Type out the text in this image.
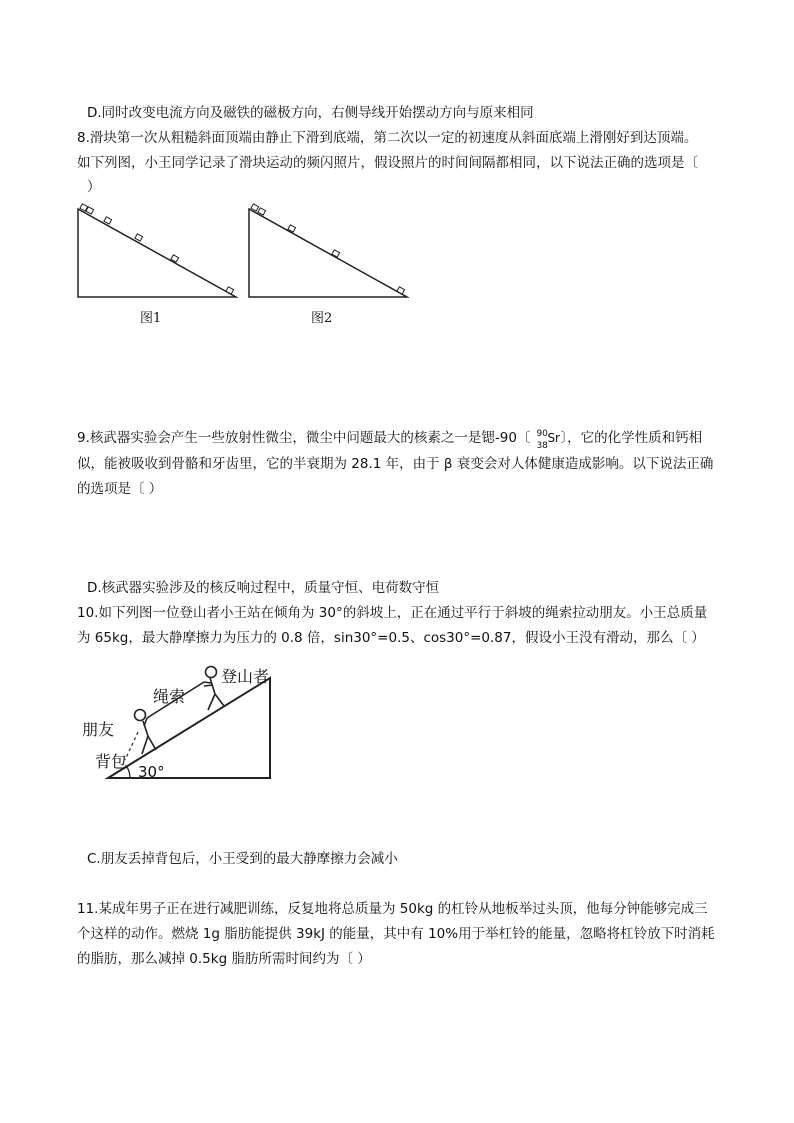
D.同时改变电流方向及磁铁的磁极方向，右侧导线开始摆动方向与原来相同
8.滑块第一次从粗糙斜面顶端由静止下滑到底端，第二次以一定的初速度从斜面底端上滑刚好到达顶端。
如下列图，小王同学记录了滑块运动的频闪照片，假设照片的时间间隔都相同，以下说法正确的选项是〔
）
图1	图2
9.核武器实验会产生一些放射性微尘，微尘中问题最大的核素之一是锶-90〔 90
38
Sr 〕，它的化学性质和钙相
似，能被吸收到骨骼和牙齿里，它的半衰期为 28.1 年，由于 β 衰变会对人体健康造成影响。以下说法正确
的选项是〔 ）
D.核武器实验涉及的核反响过程中，质量守恒、电荷数守恒
10.如下列图一位登山者小王站在倾角为 30°的斜坡上，正在通过平行于斜坡的绳索拉动朋友。小王总质量
为 65kg，最大静摩擦力为压力的 0.8 倍，sin30°=0.5、cos30°=0.87，假设小王没有滑动，那么〔 ）
登山者
绳索
朋友
背包
30°
C.朋友丢掉背包后，小王受到的最大静摩擦力会减小
11.某成年男子正在进行减肥训练，反复地将总质量为 50kg 的杠铃从地板举过头顶，他每分钟能够完成三
个这样的动作。燃烧 1g 脂肪能提供 39kJ 的能量，其中有 10%用于举杠铃的能量，忽略将杠铃放下时消耗
的脂肪，那么减掉 0.5kg 脂肪所需时间约为〔 ）
